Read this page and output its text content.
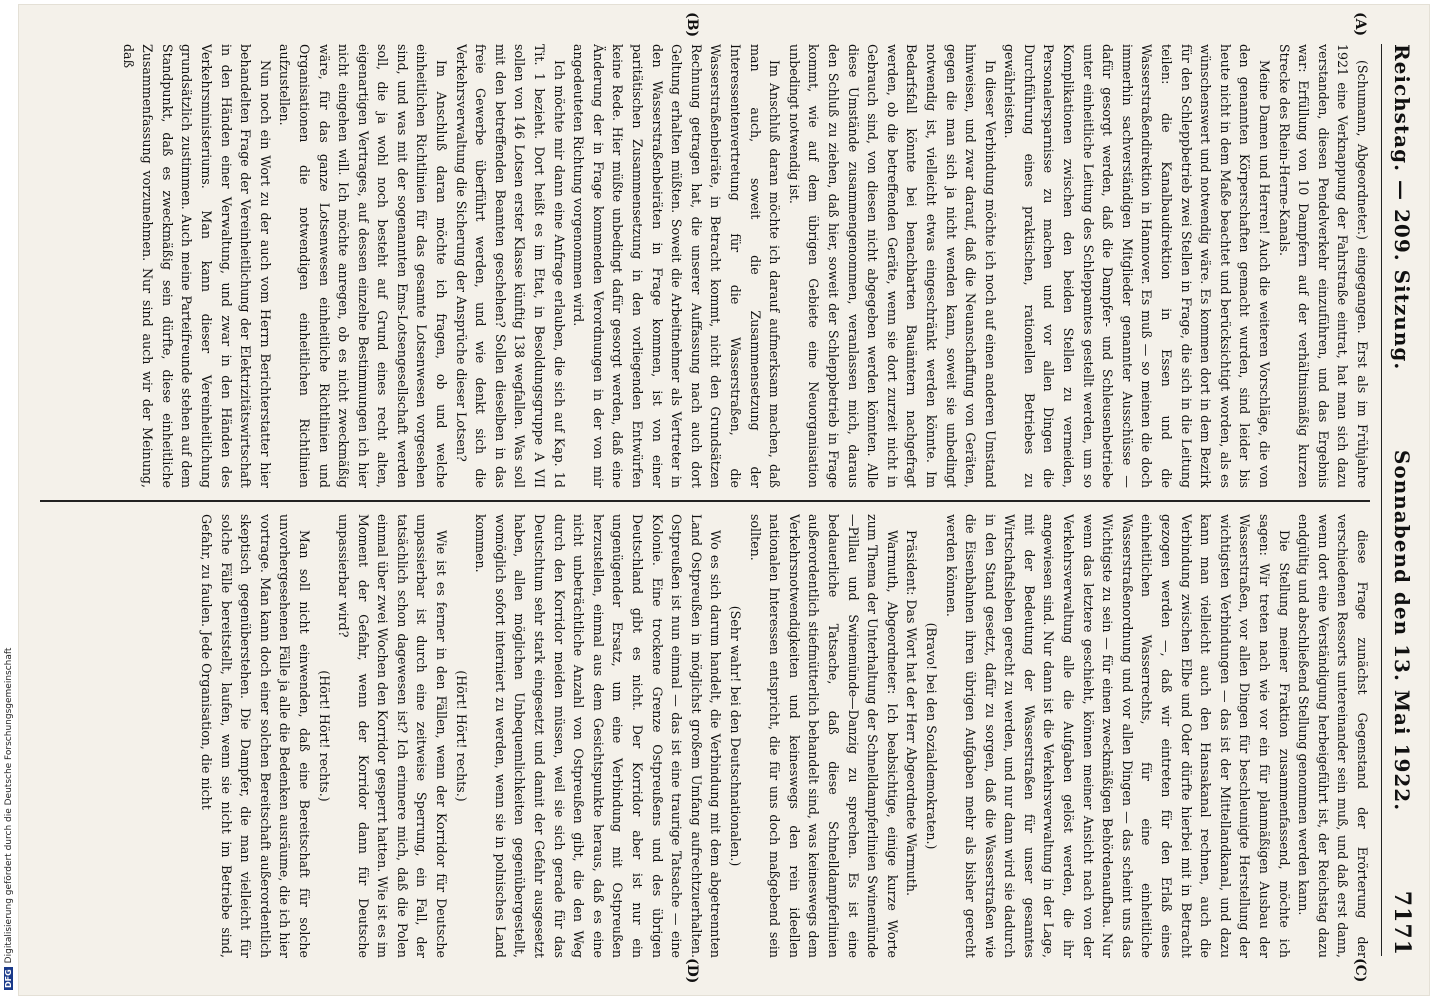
DFGDigitalisierung gefördert durch die Deutsche Forschungsgemeinschaft
Reichstag. — 209. Sitzung.
Sonnabend den 13. Mai 1922.
7171
(A)
(B)
(C)
(D)

(Schumann, Abgeordneter.) eingegangen. Erst als im Frühjahre 1921 eine Verknappung der Fahrstraße eintrat, hat man sich dazu verstanden, diesen Pendelverkehr einzuführen, und das Ergebnis war: Erfüllung von 10 Dampfern auf der verhältnismäßig kurzen Strecke des Rhein-Herne-Kanals.

Meine Damen und Herren! Auch die weiteren Vorschläge, die von den genannten Körperschaften gemacht wurden, sind leider bis heute nicht in dem Maße beachtet und berücksichtigt worden, als es wünschenswert und notwendig wäre. Es kommen dort in dem Bezirk für den Schleppbetrieb zwei Stellen in Frage, die sich in die Leitung teilen: die Kanalbaudirektion in Essen und die Wasserstraßendirektion in Hannover. Es muß — so meinen die doch immerhin sachverständigen Mitglieder genannter Ausschüsse — dafür gesorgt werden, daß die Dampfer- und Schleusenbetriebe unter einheitliche Leitung des Schleppamtes gestellt werden, um so Komplikationen zwischen den beiden Stellen zu vermeiden, Personalersparnisse zu machen und vor allen Dingen die Durchführung eines praktischen, rationellen Betriebes zu gewährleisten.

In dieser Verbindung möchte ich noch auf einen anderen Umstand hinweisen, und zwar darauf, daß die Neuanschaffung von Geräten, gegen die man sich ja nicht wenden kann, soweit sie unbedingt notwendig ist, vielleicht etwas eingeschränkt werden könnte. Im Bedarfsfall könnte bei benachbarten Bauämtern nachgefragt werden, ob die betreffenden Geräte, wenn sie dort zurzeit nicht in Gebrauch sind, von diesen nicht abgegeben werden könnten. Alle diese Umstände zusammengenommen, veranlassen mich, daraus den Schluß zu ziehen, daß hier, soweit der Schleppbetrieb in Frage kommt, wie auf dem übrigen Gebiete eine Neuorganisation unbedingt notwendig ist.

Im Anschluß daran möchte ich darauf aufmerksam machen, daß man auch, soweit die Zusammensetzung der Interessentenvertretung für die Wasserstraßen, die Wasserstraßenbeiräte, in Betracht kommt, nicht den Grundsätzen Rechnung getragen hat, die unserer Auffassung nach auch dort Geltung erhalten müßten. Soweit die Arbeitnehmer als Vertreter in den Wasserstraßenbeiräten in Frage kommen, ist von einer paritätischen Zusammensetzung in den vorliegenden Entwürfen keine Rede. Hier müßte unbedingt dafür gesorgt werden, daß eine Änderung der in Frage kommenden Verordnungen in der von mir angedeuteten Richtung vorgenommen wird.

Ich möchte mir dann eine Anfrage erlauben, die sich auf Kap. 1d Tit. 1 bezieht. Dort heißt es im Etat, in Besoldungsgruppe A VII sollen von 146 Lotsen erster Klasse künftig 138 wegfallen. Was soll mit den betreffenden Beamten geschehen? Sollen dieselben in das freie Gewerbe überführt werden, und wie denkt sich die Verkehrsverwaltung die Sicherung der Ansprüche dieser Lotsen?

Im Anschluß daran möchte ich fragen, ob und welche einheitlichen Richtlinien für das gesamte Lotsenwesen vorgesehen sind, und was mit der sogenannten Ems-Lotsengesellschaft werden soll, die ja wohl noch besteht auf Grund eines recht alten, eigenartigen Vertrages, auf dessen einzelne Bestimmungen ich hier nicht eingehen will. Ich möchte anregen, ob es nicht zweckmäßig wäre, für das ganze Lotsenwesen einheitliche Richtlinien und Organisationen die notwendigen einheitlichen Richtlinien aufzustellen.

Nun noch ein Wort zu der auch vom Herrn Berichterstatter hier behandelten Frage der Vereinheitlichung der Elektrizitätswirtschaft in den Händen einer Verwaltung, und zwar in den Händen des Verkehrsministeriums. Man kann dieser Vereinheitlichung grundsätzlich zustimmen. Auch meine Parteifreunde stehen auf dem Standpunkt, daß es zweckmäßig sein dürfte, diese einheitliche Zusammenfassung vorzunehmen. Nur sind auch wir der Meinung, daß

diese Frage zunächst Gegenstand der Erörterung der verschiedenen Ressorts untereinander sein muß, und daß erst dann, wenn dort eine Verständigung herbeigeführt ist, der Reichstag dazu endgültig und abschließend Stellung genommen werden kann.

Die Stellung meiner Fraktion zusammenfassend, möchte ich sagen: Wir treten nach wie vor ein für planmäßigen Ausbau der Wasserstraßen, vor allen Dingen für beschleunigte Herstellung der wichtigsten Verbindungen — das ist der Mittellandkanal, und dazu kann man vielleicht auch den Hansakanal rechnen, auch die Verbindung zwischen Elbe und Oder dürfte hierbei mit in Betracht gezogen werden —, daß wir eintreten für den Erlaß eines einheitlichen Wasserrechts, für eine einheitliche Wasserstraßenordnung und vor allen Dingen — das scheint uns das Wichtigste zu sein — für einen zweckmäßigen Behördenaufbau. Nur wenn das letztere geschieht, können meiner Ansicht nach von der Verkehrsverwaltung alle die Aufgaben gelöst werden, die ihr angewiesen sind. Nur dann ist die Verkehrsverwaltung in der Lage, mit der Bedeutung der Wasserstraßen für unser gesamtes Wirtschaftsleben gerecht zu werden, und nur dann wird sie dadurch in den Stand gesetzt, dafür zu sorgen, daß die Wasserstraßen wie die Eisenbahnen ihren übrigen Aufgaben mehr als bisher gerecht werden können.

(Bravo! bei den Sozialdemokraten.)

Präsident: Das Wort hat der Herr Abgeordnete Warmuth.

Warmuth, Abgeordneter: Ich beabsichtige, einige kurze Worte zum Thema der Unterhaltung der Schnelldampferlinien Swinemünde—Pillau und Swinemünde—Danzig zu sprechen. Es ist eine bedauerliche Tatsache, daß diese Schnelldampferlinien außerordentlich stiefmütterlich behandelt sind, was keineswegs dem Verkehrsnotwendigkeiten und keineswegs den rein ideellen nationalen Interessen entspricht, die für uns doch maßgebend sein sollten.

(Sehr wahr! bei den Deutschnationalen.)

Wo es sich darum handelt, die Verbindung mit dem abgetrennten Land Ostpreußen in möglichst großem Umfang aufrechtzuerhalten. Ostpreußen ist nun einmal — das ist eine traurige Tatsache — eine Kolonie. Eine trockene Grenze Ostpreußens und des übrigen Deutschland gibt es nicht. Der Korridor aber ist nur ein ungenügender Ersatz, um eine Verbindung mit Ostpreußen herzustellen, einmal aus dem Gesichtspunkte heraus, daß es eine nicht unbeträchtliche Anzahl von Ostpreußen gibt, die den Weg durch den Korridor meiden müssen, weil sie sich gerade für das Deutschtum sehr stark eingesetzt und damit der Gefahr ausgesetzt haben, allen möglichen Unbequemlichkeiten gegenübergestellt, womöglich sofort interniert zu werden, wenn sie in polnisches Land kommen.

(Hört! Hört! rechts.)

Wie ist es ferner in den Fällen, wenn der Korridor für Deutsche unpassierbar ist durch eine zeitweise Sperrung, ein Fall, der tatsächlich schon dagewesen ist? Ich erinnere mich, daß die Polen einmal über zwei Wochen den Korridor gesperrt hatten. Wie ist es im Moment der Gefahr, wenn der Korridor dann für Deutsche unpassierbar wird?

(Hört! Hört! rechts.)

Man soll nicht einwenden, daß eine Bereitschaft für solche unvorhergesehenen Fälle ja alle die Bedenken ausräume, die ich hier vortrage. Man kann doch einer solchen Bereitschaft außerordentlich skeptisch gegenüberstehen. Die Dampfer, die man vielleicht für solche Fälle bereitstellt, laufen, wenn sie nicht im Betriebe sind, Gefahr, zu faulen. Jede Organisation, die nicht
